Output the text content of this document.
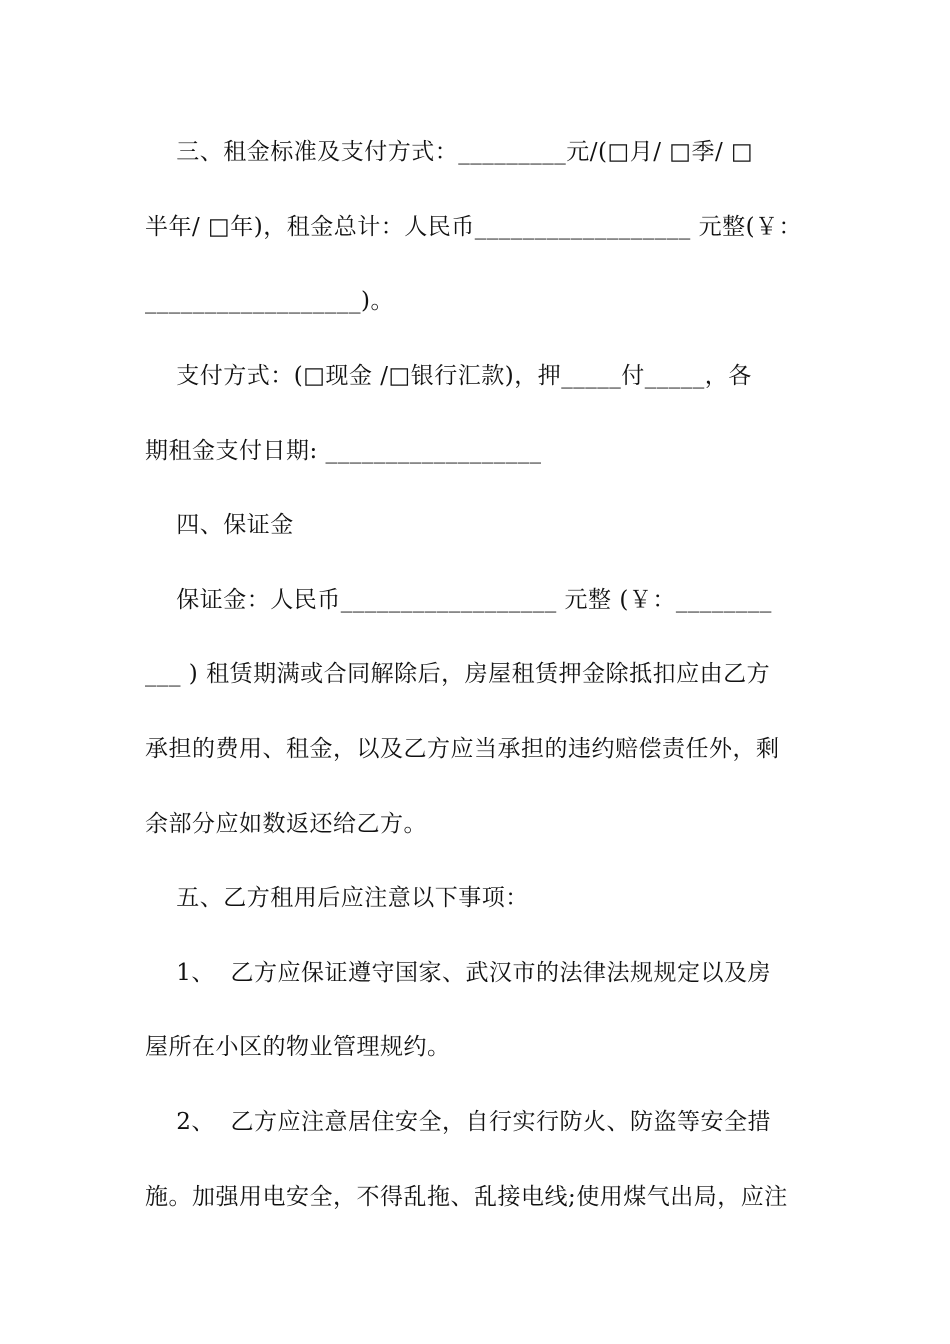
三、租金标准及支付方式：_________元/(□月/ □季/ □
半年/ □年)，租金总计：人民币__________________ 元整(￥：
__________________)。
支付方式：(□现金 /□银行汇款)，押_____付_____，各
期租金支付日期: __________________
四、保证金
保证金：人民币__________________ 元整 (￥：________
___ ) 租赁期满或合同解除后，房屋租赁押金除抵扣应由乙方
承担的费用、租金，以及乙方应当承担的违约赔偿责任外，剩
余部分应如数返还给乙方。
五、乙方租用后应注意以下事项：
1、  乙方应保证遵守国家、武汉市的法律法规规定以及房
屋所在小区的物业管理规约。
2、  乙方应注意居住安全，自行实行防火、防盗等安全措
施。加强用电安全，不得乱拖、乱接电线;使用煤气出局，应注
